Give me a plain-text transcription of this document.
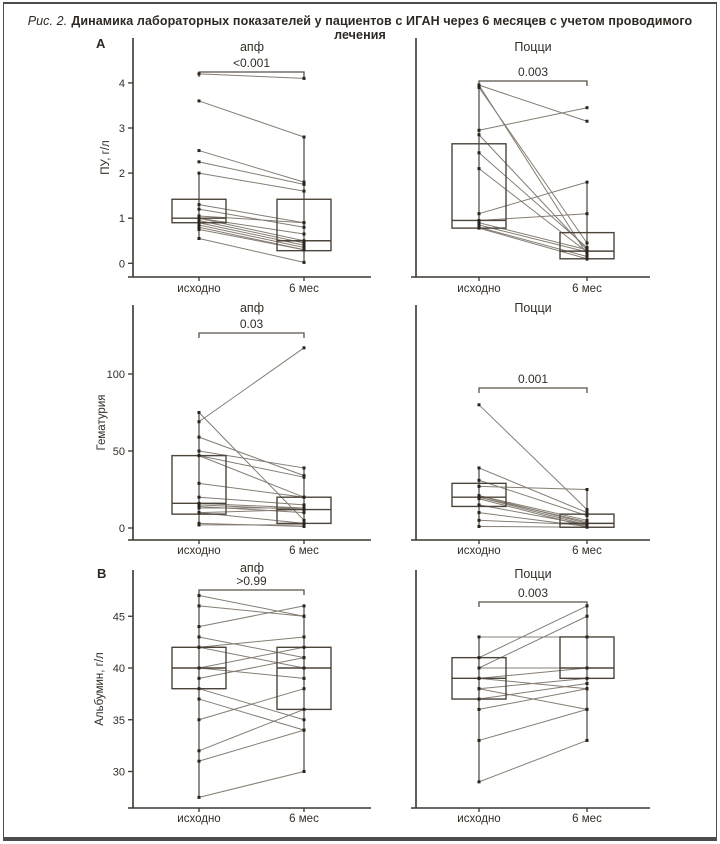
Рис. 2. Динамика лабораторных показателей у пациентов с ИГАН через 6 месяцев с учетом проводимого лечения
А
В
0
1
2
3
4
исходно	6 мес
ПУ, г/л
апф
<0.001
исходно	6 мес
Поцци
0.003
0
50
100
исходно	6 мес
Гематурия
апф
0.03
исходно	6 мес
Поцци
0.001
30
35
40
45
исходно	6 мес
Альбумин, г/л
апф
>0.99
исходно	6 мес
Поцци
0.003
